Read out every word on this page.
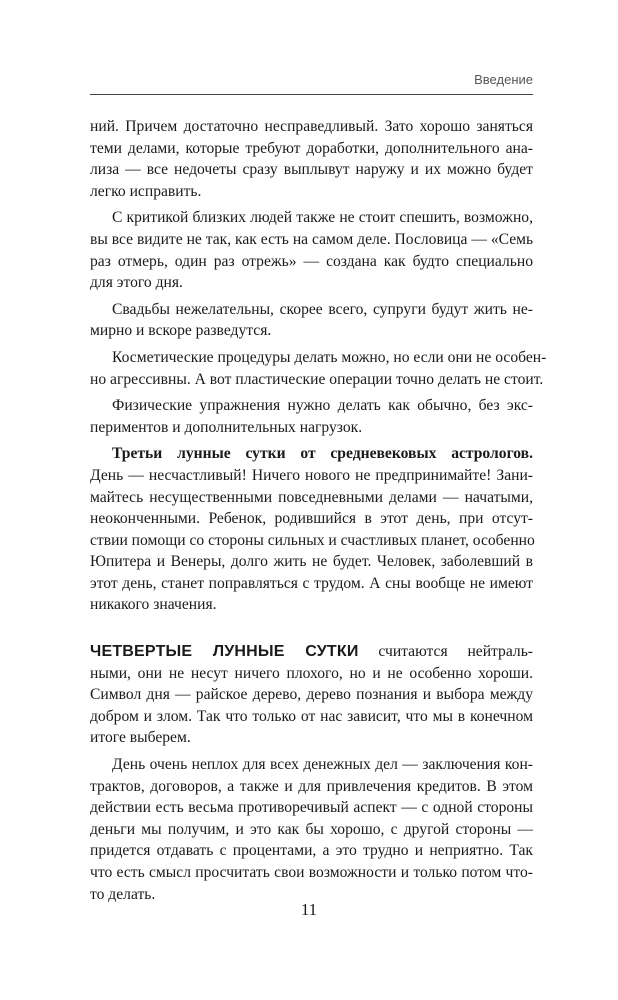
Введение
ний. Причем достаточно несправедливый. Зато хорошо заняться
теми делами, которые требуют доработки, дополнительного ана-
лиза — все недочеты сразу выплывут наружу и их можно будет
легко исправить.
С критикой близких людей также не стоит спешить, возможно,
вы все видите не так, как есть на самом деле. Пословица — «Семь
раз отмерь, один раз отрежь» — создана как будто специально
для этого дня.
Свадьбы нежелательны, скорее всего, супруги будут жить не-
мирно и вскоре разведутся.
Косметические процедуры делать можно, но если они не особен-
но агрессивны. А вот пластические операции точно делать не стоит.
Физические упражнения нужно делать как обычно, без экс-
периментов и дополнительных нагрузок.
Третьи лунные сутки от средневековых астрологов.
День — несчастливый! Ничего нового не предпринимайте! Зани-
майтесь несущественными повседневными делами — начатыми,
неоконченными. Ребенок, родившийся в этот день, при отсут-
ствии помощи со стороны сильных и счастливых планет, особенно
Юпитера и Венеры, долго жить не будет. Человек, заболевший в
этот день, станет поправляться с трудом. А сны вообще не имеют
никакого значения.
ЧЕТВЕРТЫЕ ЛУННЫЕ СУТКИ считаются нейтраль-
ными, они не несут ничего плохого, но и не особенно хороши.
Символ дня — райское дерево, дерево познания и выбора между
добром и злом. Так что только от нас зависит, что мы в конечном
итоге выберем.
День очень неплох для всех денежных дел — заключения кон-
трактов, договоров, а также и для привлечения кредитов. В этом
действии есть весьма противоречивый аспект — с одной стороны
деньги мы получим, и это как бы хорошо, с другой стороны —
придется отдавать с процентами, а это трудно и неприятно. Так
что есть смысл просчитать свои возможности и только потом что-
то делать.
11
